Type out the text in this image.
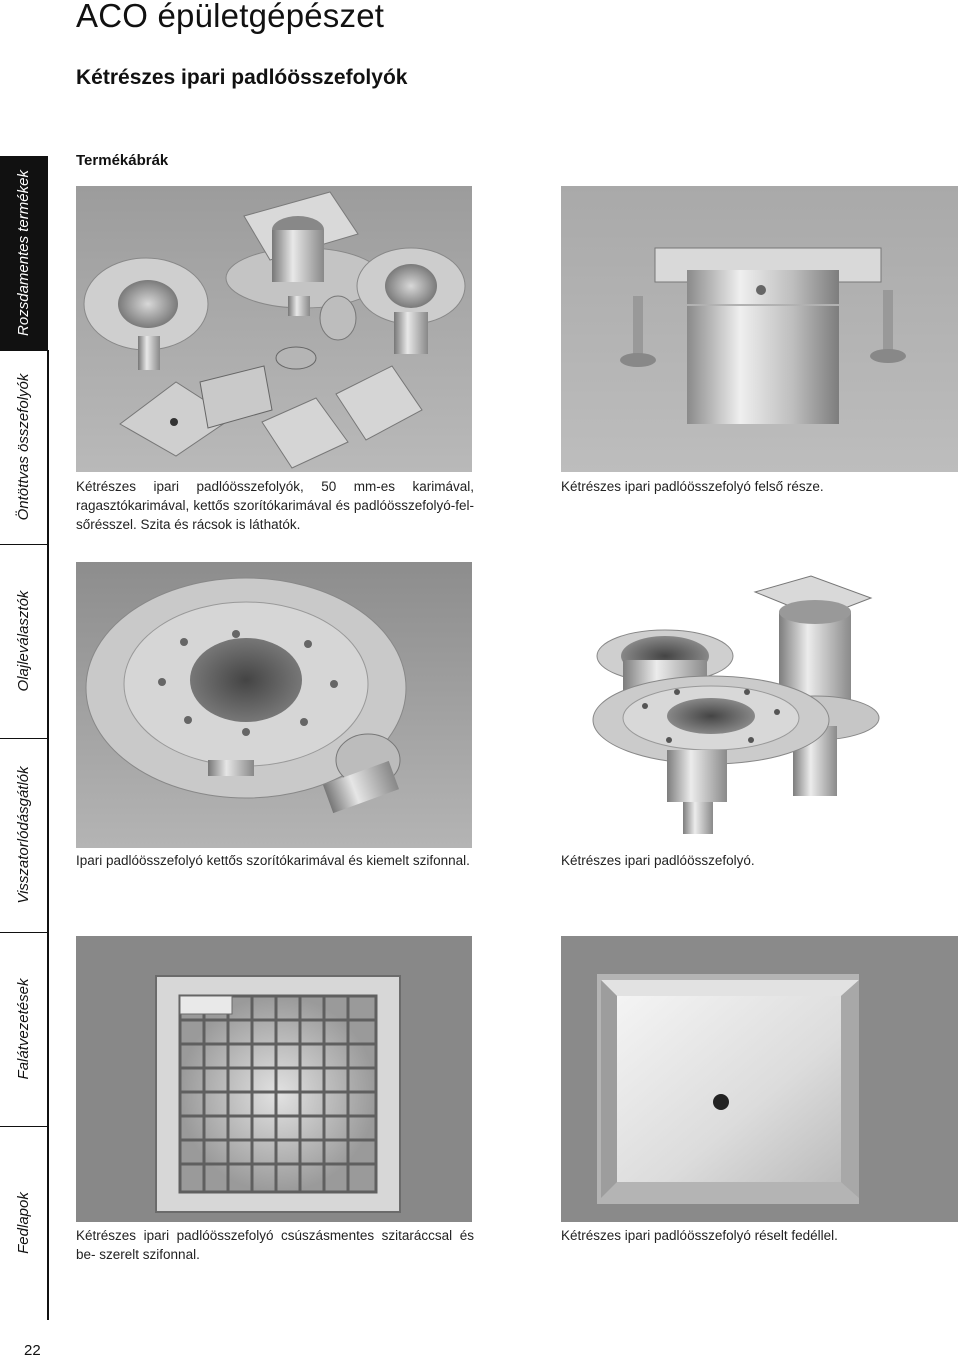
ACO épületgépészet
Kétrészes ipari padlóösszefolyók
Termékábrák
Rozsdamentes termékek
Öntöttvas összefolyók
Olajleválasztók
Visszatorlódásgátlók
Falátvezetések
Fedlapok
22
Kétrészes ipari padlóösszefolyók, 50 mm-es karimával, ragasztókarimával, kettős szorítókarimával és padlóösszefolyó-fel- sőrésszel. Szita és rácsok is láthatók.
Kétrészes ipari padlóösszefolyó felső része.
Ipari padlóösszefolyó kettős szorítókarimával és kiemelt szifonnal.	Kétrészes ipari padlóösszefolyó.
Kétrészes ipari padlóösszefolyó csúszásmentes szitaráccsal és be- szerelt szifonnal.
Kétrészes ipari padlóösszefolyó réselt fedéllel.
